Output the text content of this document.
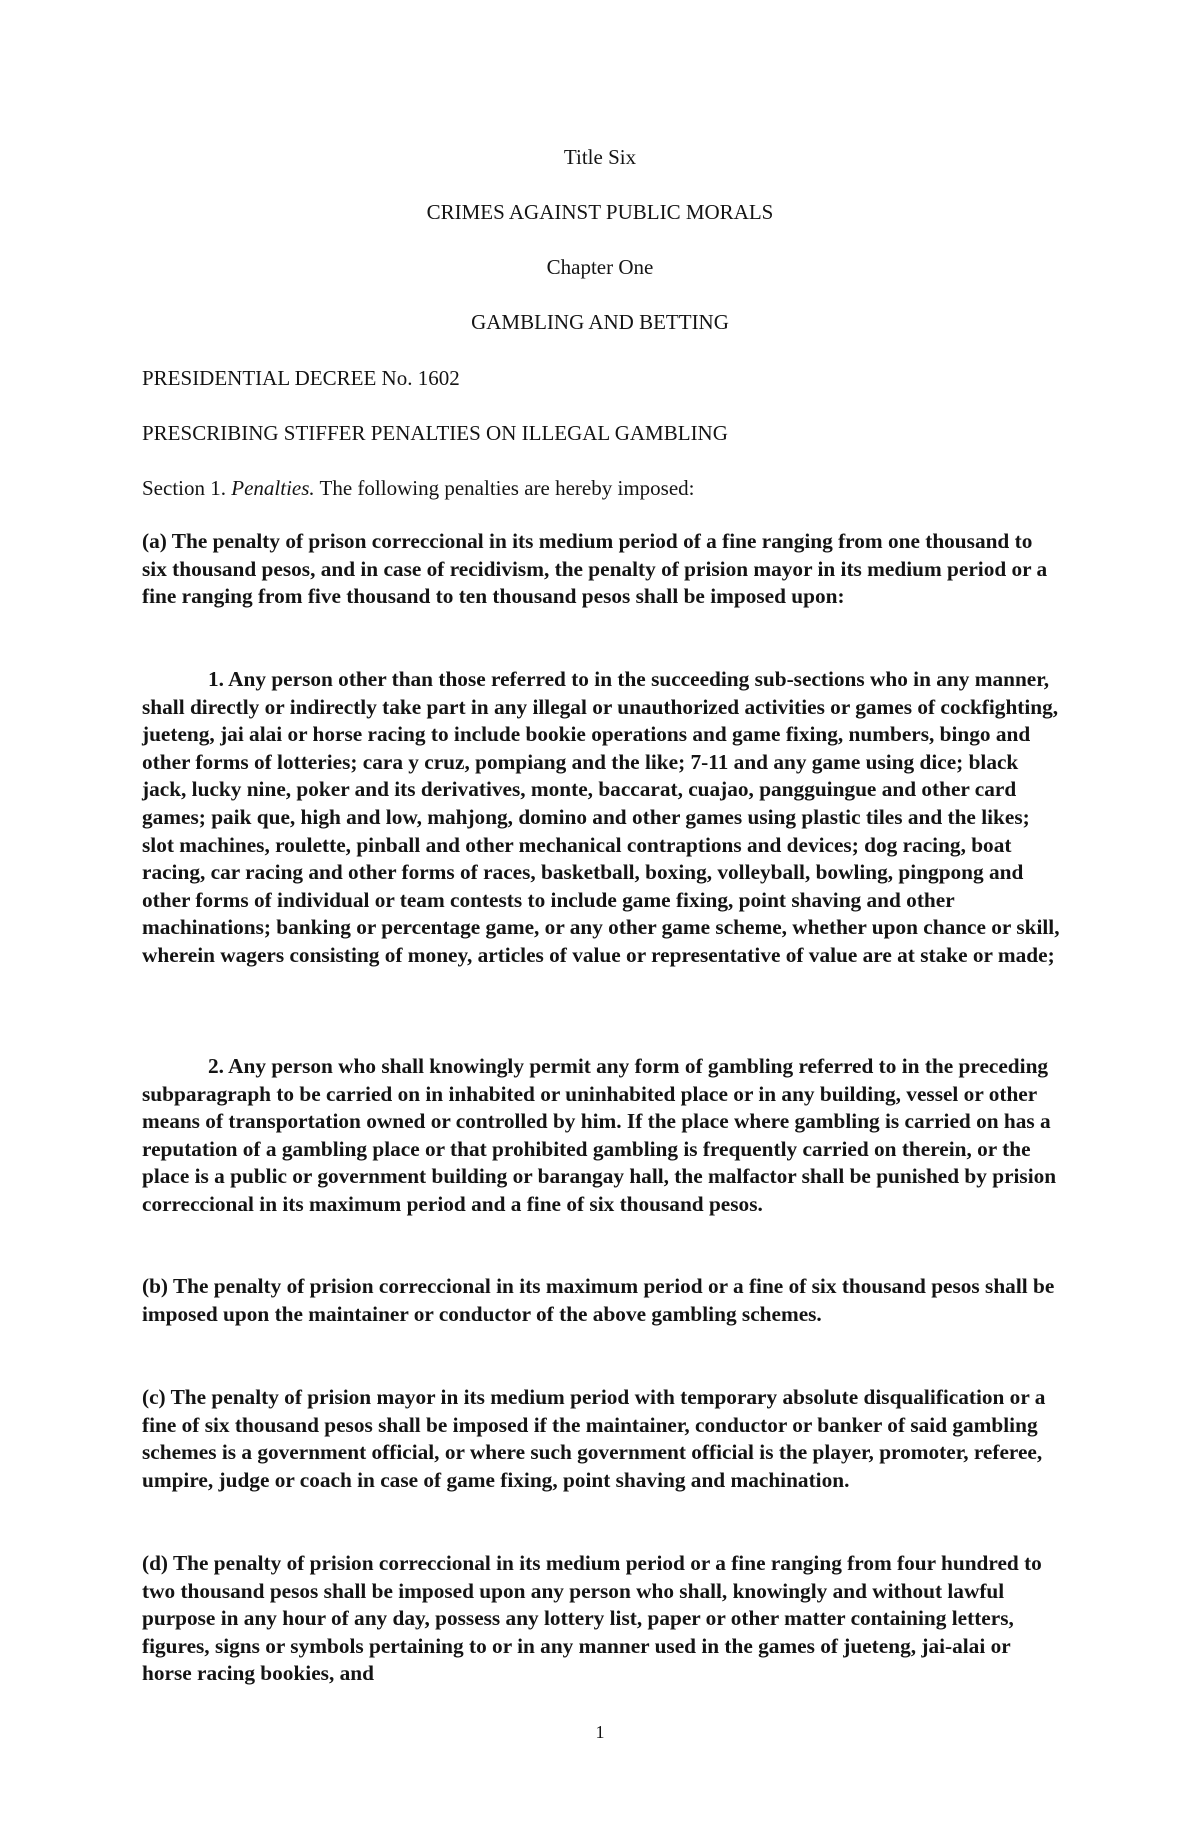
Title Six

CRIMES AGAINST PUBLIC MORALS

Chapter One

GAMBLING AND BETTING

PRESIDENTIAL DECREE No. 1602

PRESCRIBING STIFFER PENALTIES ON ILLEGAL GAMBLING

Section 1. Penalties. The following penalties are hereby imposed:

(a) The penalty of prison correccional in its medium period of a fine ranging from one thousand to six thousand pesos, and in case of recidivism, the penalty of prision mayor in its medium period or a fine ranging from five thousand to ten thousand pesos shall be imposed upon:

1. Any person other than those referred to in the succeeding sub-sections who in any manner, shall directly or indirectly take part in any illegal or unauthorized activities or games of cockfighting, jueteng, jai alai or horse racing to include bookie operations and game fixing, numbers, bingo and other forms of lotteries; cara y cruz, pompiang and the like; 7-11 and any game using dice; black jack, lucky nine, poker and its derivatives, monte, baccarat, cuajao, pangguingue and other card games; paik que, high and low, mahjong, domino and other games using plastic tiles and the likes; slot machines, roulette, pinball and other mechanical contraptions and devices; dog racing, boat racing, car racing and other forms of races, basketball, boxing, volleyball, bowling, pingpong and other forms of individual or team contests to include game fixing, point shaving and other machinations; banking or percentage game, or any other game scheme, whether upon chance or skill, wherein wagers consisting of money, articles of value or representative of value are at stake or made;

2. Any person who shall knowingly permit any form of gambling referred to in the preceding subparagraph to be carried on in inhabited or uninhabited place or in any building, vessel or other means of transportation owned or controlled by him. If the place where gambling is carried on has a reputation of a gambling place or that prohibited gambling is frequently carried on therein, or the place is a public or government building or barangay hall, the malfactor shall be punished by prision correccional in its maximum period and a fine of six thousand pesos.

(b) The penalty of prision correccional in its maximum period or a fine of six thousand pesos shall be imposed upon the maintainer or conductor of the above gambling schemes.

(c) The penalty of prision mayor in its medium period with temporary absolute disqualification or a fine of six thousand pesos shall be imposed if the maintainer, conductor or banker of said gambling schemes is a government official, or where such government official is the player, promoter, referee, umpire, judge or coach in case of game fixing, point shaving and machination.

(d) The penalty of prision correccional in its medium period or a fine ranging from four hundred to two thousand pesos shall be imposed upon any person who shall, knowingly and without lawful purpose in any hour of any day, possess any lottery list, paper or other matter containing letters, figures, signs or symbols pertaining to or in any manner used in the games of jueteng, jai-alai or horse racing bookies, and

1
